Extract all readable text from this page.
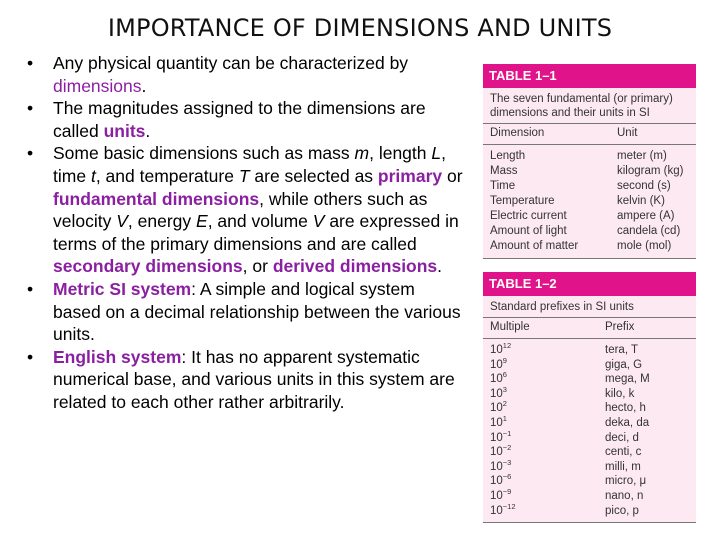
IMPORTANCE OF DIMENSIONS AND UNITS
• Any physical quantity can be characterized by dimensions.
• The magnitudes assigned to the dimensions are called units.
• Some basic dimensions such as mass m, length L, time t, and temperature T are selected as primary or fundamental dimensions, while others such as velocity V, energy E, and volume V are expressed in terms of the primary dimensions and are called secondary dimensions, or derived dimensions.
• Metric SI system: A simple and logical system based on a decimal relationship between the various units.
• English system: It has no apparent systematic numerical base, and various units in this system are related to each other rather arbitrarily.
TABLE 1–1
The seven fundamental (or primary) dimensions and their units in SI
Dimension	Unit
Length	meter (m)
Mass	kilogram (kg)
Time	second (s)
Temperature	kelvin (K)
Electric current	ampere (A)
Amount of light	candela (cd)
Amount of matter	mole (mol)
TABLE 1–2
Standard prefixes in SI units
Multiple	Prefix
$10^{12}$	tera, T
$10^9$	giga, G
$10^6$	mega, M
$10^3$	kilo, k
$10^2$	hecto, h
$10^1$	deka, da
$10^{-1}$	deci, d
$10^{-2}$	centi, c
$10^{-3}$	milli, m
$10^{-6}$	micro, μ
$10^{-9}$	nano, n
$10^{-12}$	pico, p
